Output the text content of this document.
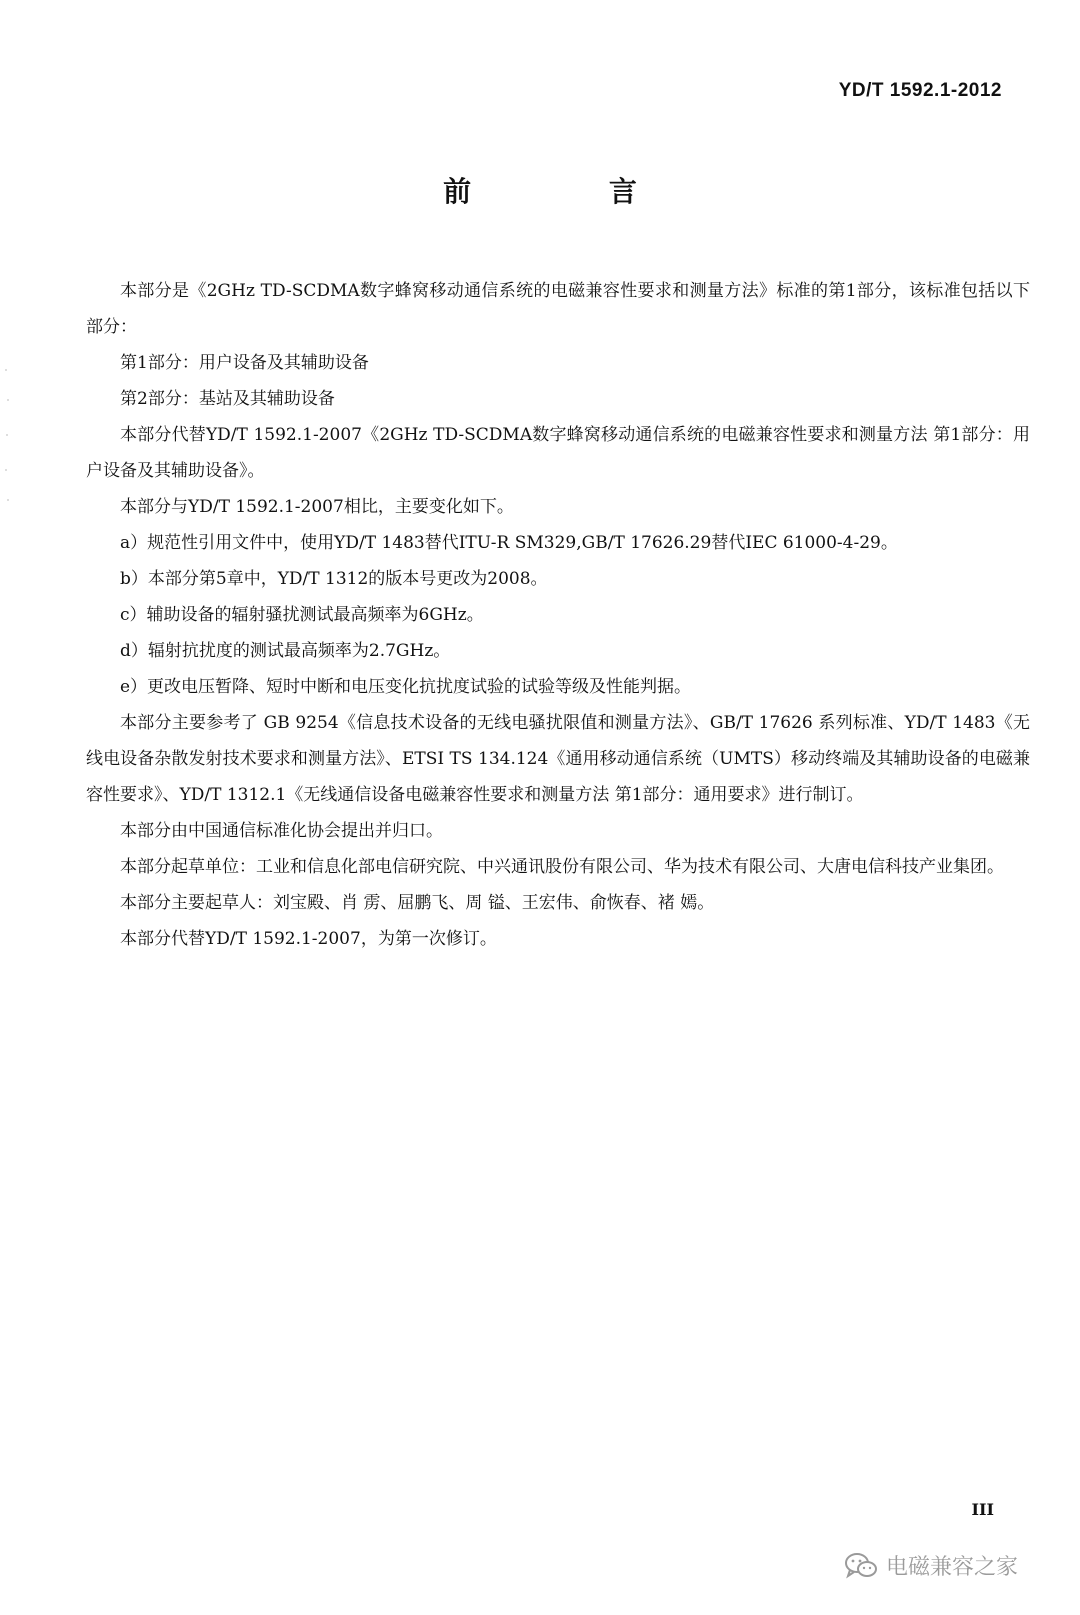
YD/T 1592.1-2012
前 言

本部分是《2GHz TD-SCDMA数字蜂窝移动通信系统的电磁兼容性要求和测量方法》标准的第1部分，该标准包括以下部分：

第1部分：用户设备及其辅助设备

第2部分：基站及其辅助设备

本部分代替YD/T 1592.1-2007《2GHz TD-SCDMA数字蜂窝移动通信系统的电磁兼容性要求和测量方法 第1部分：用户设备及其辅助设备》。

本部分与YD/T 1592.1-2007相比，主要变化如下。

a）规范性引用文件中，使用YD/T 1483替代ITU-R SM329,GB/T 17626.29替代IEC 61000-4-29。

b）本部分第5章中，YD/T 1312的版本号更改为2008。

c）辅助设备的辐射骚扰测试最高频率为6GHz。

d）辐射抗扰度的测试最高频率为2.7GHz。

e）更改电压暂降、短时中断和电压变化抗扰度试验的试验等级及性能判据。

本部分主要参考了 GB 9254《信息技术设备的无线电骚扰限值和测量方法》、GB/T 17626 系列标准、YD/T 1483《无线电设备杂散发射技术要求和测量方法》、ETSI TS 134.124《通用移动通信系统（UMTS）移动终端及其辅助设备的电磁兼容性要求》、YD/T 1312.1《无线通信设备电磁兼容性要求和测量方法 第1部分：通用要求》进行制订。

本部分由中国通信标准化协会提出并归口。

本部分起草单位：工业和信息化部电信研究院、中兴通讯股份有限公司、华为技术有限公司、大唐电信科技产业集团。

本部分主要起草人：刘宝殿、肖 雳、屈鹏飞、周 镒、王宏伟、俞恢春、褚 嫣。

本部分代替YD/T 1592.1-2007，为第一次修订。

III
电磁兼容之家
